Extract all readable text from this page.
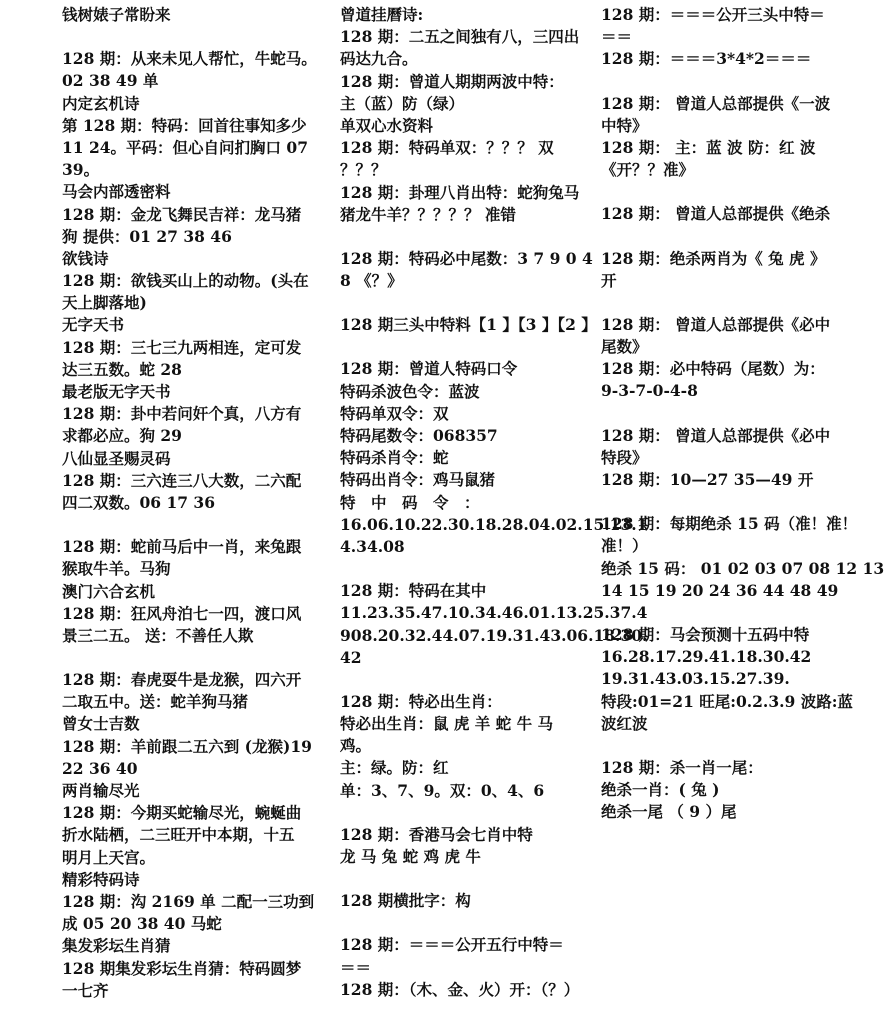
钱树婊子常盼来
128 期：从来未见人帮忙，牛蛇马。
02 38 49 单
内定玄机诗
第 128 期：特码：回首往事知多少
11 24。平码：但心自问扪胸口 07
39。
马会内部透密料
128 期：金龙飞舞民吉祥：龙马猪
狗 提供：01 27 38 46
欲钱诗
128 期：欲钱买山上的动物。(头在
天上脚落地)
无字天书
128 期：三七三九两相连，定可发
达三五数。蛇 28
最老版无字天书
128 期：卦中若问奸个真，八方有
求都必应。狗 29
八仙显圣赐灵码
128 期：三六连三八大数，二六配
四二双数。06 17 36
128 期：蛇前马后中一肖，来兔跟
猴取牛羊。马狗
澳门六合玄机
128 期：狂风舟泊七一四，渡口风
景三二五。 送：不善任人欺
128 期：春虎耍牛是龙猴，四六开
二取五中。送：蛇羊狗马猪
曾女士吉数
128 期：羊前跟二五六到 (龙猴)19
22 36 40
两肖输尽光
128 期：今期买蛇输尽光，蜿蜒曲
折水陆栖，二三旺开中本期，十五
明月上天宫。
精彩特码诗
128 期：沟 2169 单 二配一三功到
成 05 20 38 40 马蛇
集发彩坛生肖猜
128 期集发彩坛生肖猜：特码圆梦
一七齐
曾道挂曆诗:
128 期：二五之间独有八，三四出
码达九合。
128 期：曾道人期期两波中特：
主（蓝）防（绿）
单双心水资料
128 期：特码单双：？？？ 双
？？？
128 期：卦理八肖出特：蛇狗兔马
猪龙牛羊？？？？？ 准错
128 期：特码必中尾数：3 7 9 0 4
8 《？》
128 期三头中特料【1 】【3 】【2 】
128 期：曾道人特码口令
特码杀波色令：蓝波
特码单双令：双
特码尾数令：068357
特码杀肖令：蛇
特码出肖令：鸡马鼠猪
特　中　码　令　：
16.06.10.22.30.18.28.04.02.15.13.1
4.34.08
128 期：特码在其中
11.23.35.47.10.34.46.01.13.25.37.4
908.20.32.44.07.19.31.43.06.18.30.
42
128 期：特必出生肖：
特必出生肖：鼠 虎 羊 蛇 牛 马
鸡。
主：绿。防：红
单：3、7、9。双：0、4、6
128 期：香港马会七肖中特
龙 马 兔 蛇 鸡 虎 牛
128 期横批字：构
128 期：＝＝＝公开五行中特＝
＝＝
128 期：（木、金、火）开：（？）
128 期：＝＝＝公开三头中特＝
＝＝
128 期：＝＝＝3*4*2＝＝＝
128 期： 曾道人总部提供《一波
中特》
128 期： 主：蓝 波 防：红 波
《开？？准》
128 期： 曾道人总部提供《绝杀
128 期：绝杀两肖为《 兔 虎 》
开
128 期： 曾道人总部提供《必中
尾数》
128 期：必中特码（尾数）为：
9-3-7-0-4-8
128 期： 曾道人总部提供《必中
特段》
128 期：10—27 35—49 开
128 期：每期绝杀 15 码（准！准！
准！）
绝杀 15 码： 01 02 03 07 08 12 13
14 15 19 20 24 36 44 48 49
128 期：马会预测十五码中特
16.28.17.29.41.18.30.42
19.31.43.03.15.27.39.
特段:01=21 旺尾:0.2.3.9 波路:蓝
波红波
128 期：杀一肖一尾：
绝杀一肖：( 兔 )
绝杀一尾 （ 9 ）尾
